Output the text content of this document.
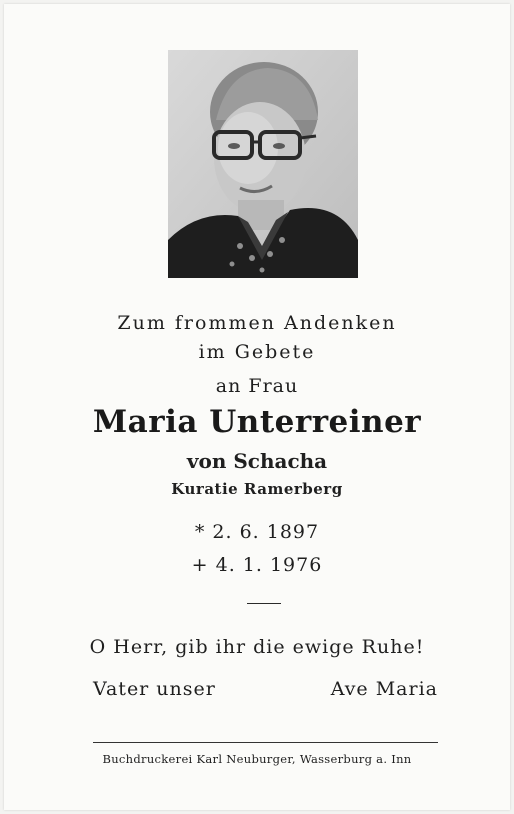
Zum frommen Andenken
im Gebete
an Frau
Maria Unterreiner
von Schacha
Kuratie Ramerberg
* 2. 6. 1897
+ 4. 1. 1976
O Herr, gib ihr die ewige Ruhe!
Vater unser	Ave Maria
Buchdruckerei Karl Neuburger, Wasserburg a. Inn
